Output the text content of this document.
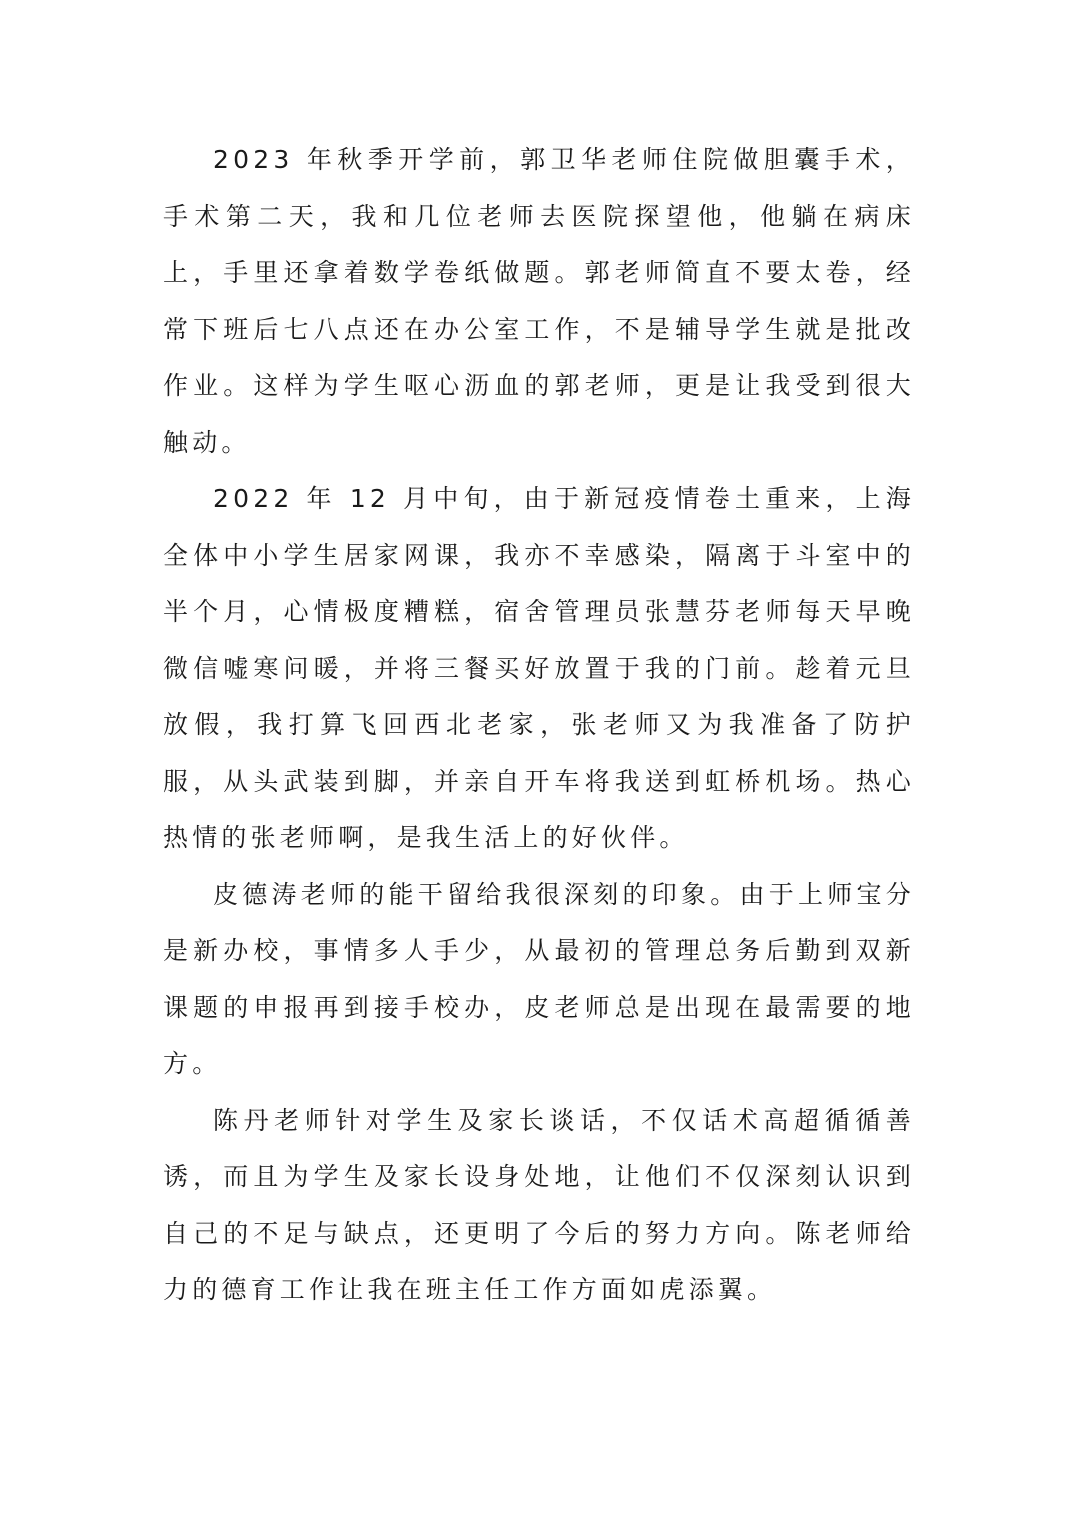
2023 年秋季开学前，郭卫华老师住院做胆囊手术，手术第二天，我和几位老师去医院探望他，他躺在病床上，手里还拿着数学卷纸做题。郭老师简直不要太卷，经常下班后七八点还在办公室工作，不是辅导学生就是批改作业。这样为学生呕心沥血的郭老师，更是让我受到很大触动。

2022 年 12 月中旬，由于新冠疫情卷土重来，上海全体中小学生居家网课，我亦不幸感染，隔离于斗室中的半个月，心情极度糟糕，宿舍管理员张慧芬老师每天早晚微信嘘寒问暖，并将三餐买好放置于我的门前。趁着元旦放假，我打算飞回西北老家，张老师又为我准备了防护服，从头武装到脚，并亲自开车将我送到虹桥机场。热心热情的张老师啊，是我生活上的好伙伴。

皮德涛老师的能干留给我很深刻的印象。由于上师宝分是新办校，事情多人手少，从最初的管理总务后勤到双新课题的申报再到接手校办，皮老师总是出现在最需要的地方。

陈丹老师针对学生及家长谈话，不仅话术高超循循善诱，而且为学生及家长设身处地，让他们不仅深刻认识到自己的不足与缺点，还更明了今后的努力方向。陈老师给力的德育工作让我在班主任工作方面如虎添翼。
